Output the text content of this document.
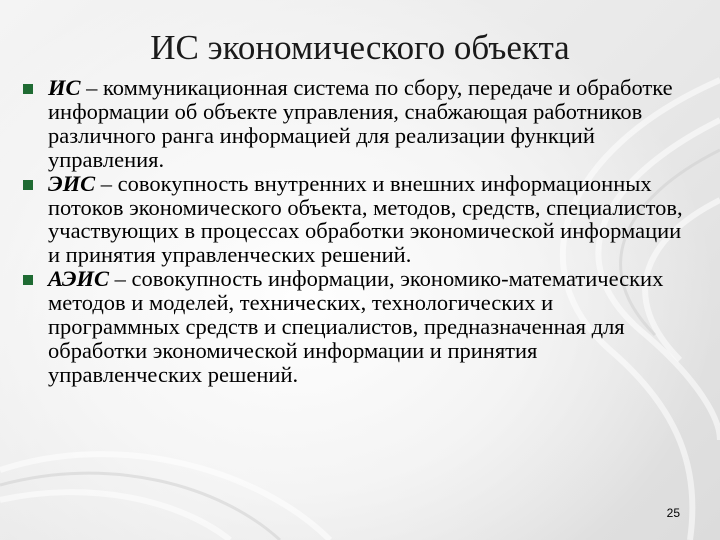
ИС экономического объекта
ИС – коммуникационная система по сбору, передаче и обработке информации об объекте управления, снабжающая работников различного ранга информацией для реализации функций управления.
ЭИС – совокупность внутренних и внешних информационных потоков экономического объекта, методов, средств, специалистов, участвующих в процессах обработки экономической информации и принятия управленческих решений.
АЭИС – совокупность информации, экономико-математических методов и моделей, технических, технологических и программных средств и специалистов, предназначенная для обработки экономической информации и принятия управленческих решений.
25
